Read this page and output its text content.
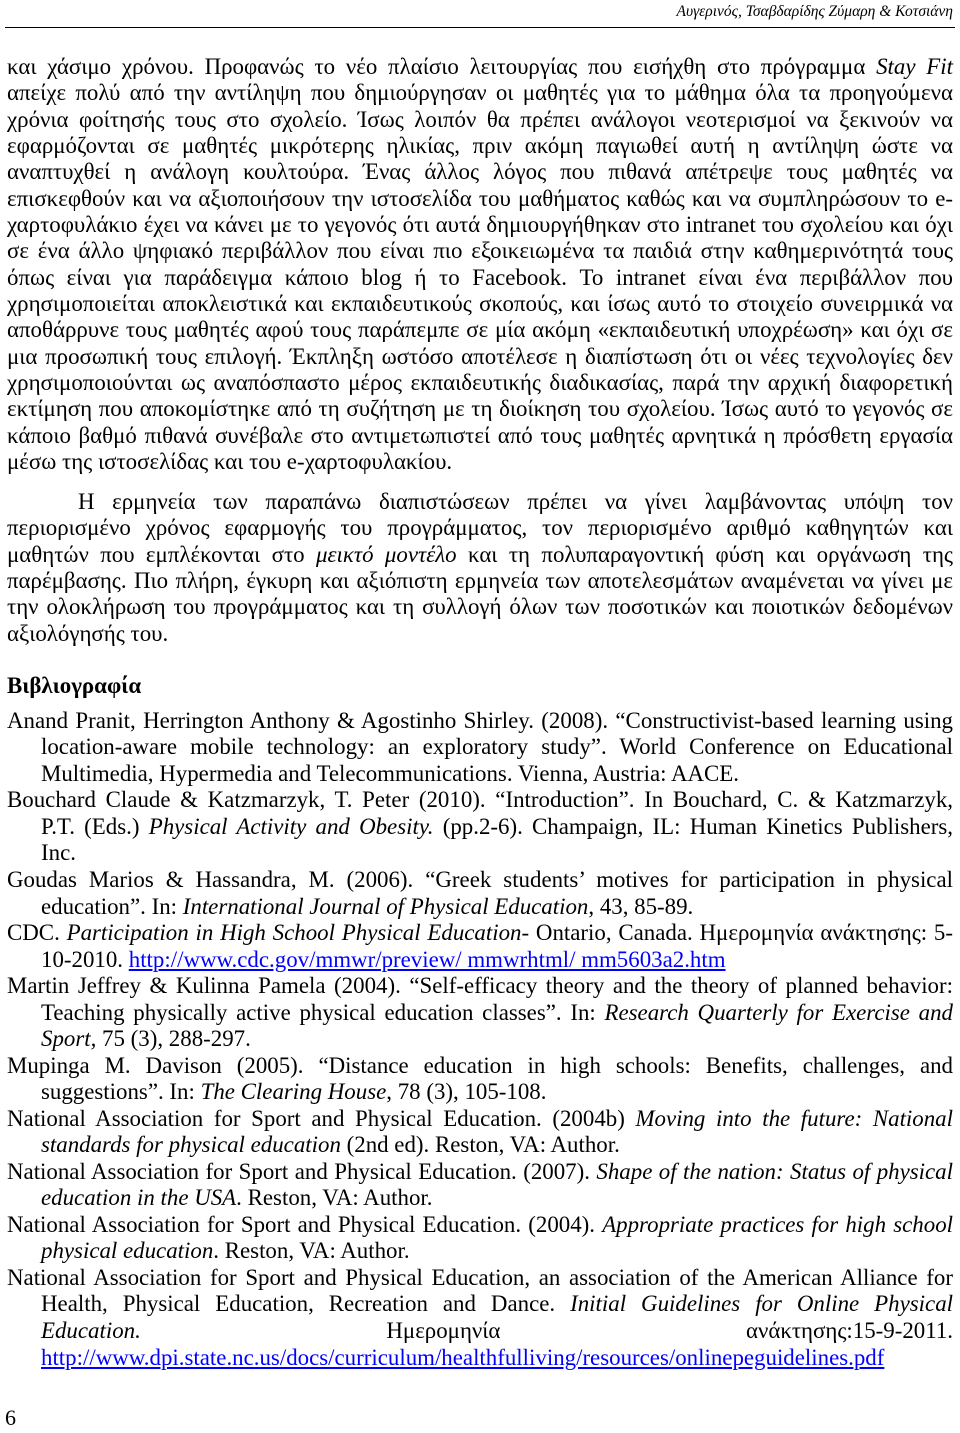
Αυγερινός, Τσαβδαρίδης Ζύμαρη & Κοτσιάνη
και χάσιμο χρόνου. Προφανώς το νέο πλαίσιο λειτουργίας που εισήχθη στο πρόγραμμα Stay Fit
απείχε πολύ από την αντίληψη που δημιούργησαν οι μαθητές για το μάθημα όλα τα προηγούμενα
χρόνια φοίτησής τους στο σχολείο. Ίσως λοιπόν θα πρέπει ανάλογοι νεοτερισμοί να ξεκινούν να
εφαρμόζονται σε μαθητές μικρότερης ηλικίας, πριν ακόμη παγιωθεί αυτή η αντίληψη ώστε να
αναπτυχθεί η ανάλογη κουλτούρα. Ένας άλλος λόγος που πιθανά απέτρεψε τους μαθητές να
επισκεφθούν και να αξιοποιήσουν την ιστοσελίδα του μαθήματος καθώς και να συμπληρώσουν το e-
χαρτοφυλάκιο έχει να κάνει με το γεγονός ότι αυτά δημιουργήθηκαν στο intranet του σχολείου και όχι
σε ένα άλλο ψηφιακό περιβάλλον που είναι πιο εξοικειωμένα τα παιδιά στην καθημερινότητά τους
όπως είναι για παράδειγμα κάποιο blog ή το Facebook. Το intranet είναι ένα περιβάλλον που
χρησιμοποιείται αποκλειστικά και εκπαιδευτικούς σκοπούς, και ίσως αυτό το στοιχείο συνειρμικά να
αποθάρρυνε τους μαθητές αφού τους παράπεμπε σε μία ακόμη «εκπαιδευτική υποχρέωση» και όχι σε
μια προσωπική τους επιλογή. Έκπληξη ωστόσο αποτέλεσε η διαπίστωση ότι οι νέες τεχνολογίες δεν
χρησιμοποιούνται ως αναπόσπαστο μέρος εκπαιδευτικής διαδικασίας, παρά την αρχική διαφορετική
εκτίμηση που αποκομίστηκε από τη συζήτηση με τη διοίκηση του σχολείου. Ίσως αυτό το γεγονός σε
κάποιο βαθμό πιθανά συνέβαλε στο αντιμετωπιστεί από τους μαθητές αρνητικά η πρόσθετη εργασία
μέσω της ιστοσελίδας και του e-χαρτοφυλακίου.
Η ερμηνεία των παραπάνω διαπιστώσεων πρέπει να γίνει λαμβάνοντας υπόψη τον
περιορισμένο χρόνος εφαρμογής του προγράμματος, τον περιορισμένο αριθμό καθηγητών και
μαθητών που εμπλέκονται στο μεικτό μοντέλο και τη πολυπαραγοντική φύση και οργάνωση της
παρέμβασης. Πιο πλήρη, έγκυρη και αξιόπιστη ερμηνεία των αποτελεσμάτων αναμένεται να γίνει με
την ολοκλήρωση του προγράμματος και τη συλλογή όλων των ποσοτικών και ποιοτικών δεδομένων
αξιολόγησής του.
Βιβλιογραφία
Anand Pranit, Herrington Anthony & Agostinho Shirley. (2008). “Constructivist-based learning using
location-aware mobile technology: an exploratory study”. World Conference on Educational
Multimedia, Hypermedia and Telecommunications. Vienna, Austria: AACE.
Bouchard Claude & Katzmarzyk, T. Peter (2010). “Introduction”. In Bouchard, C. & Katzmarzyk,
P.T. (Eds.) Physical Activity and Obesity. (pp.2-6). Champaign, IL: Human Kinetics Publishers,
Inc.
Goudas Marios & Hassandra, M. (2006). “Greek students’ motives for participation in physical
education”. In: International Journal of Physical Education, 43, 85-89.
CDC. Participation in High School Physical Education- Ontario, Canada. Ημερομηνία ανάκτησης: 5-
10-2010. http://www.cdc.gov/mmwr/preview/ mmwrhtml/ mm5603a2.htm
Martin Jeffrey & Kulinna Pamela (2004). “Self-efficacy theory and the theory of planned behavior:
Teaching physically active physical education classes”. In: Research Quarterly for Exercise and
Sport, 75 (3), 288-297.
Mupinga M. Davison (2005). “Distance education in high schools: Benefits, challenges, and
suggestions”. In: The Clearing House, 78 (3), 105-108.
National Association for Sport and Physical Education. (2004b) Moving into the future: National
standards for physical education (2nd ed). Reston, VA: Author.
National Association for Sport and Physical Education. (2007). Shape of the nation: Status of physical
education in the USA. Reston, VA: Author.
National Association for Sport and Physical Education. (2004). Appropriate practices for high school
physical education. Reston, VA: Author.
National Association for Sport and Physical Education, an association of the American Alliance for
Health, Physical Education, Recreation and Dance. Initial Guidelines for Online Physical
Education. Ημερομηνία ανάκτησης:15-9-2011.
http://www.dpi.state.nc.us/docs/curriculum/healthfulliving/resources/onlinepeguidelines.pdf
6
